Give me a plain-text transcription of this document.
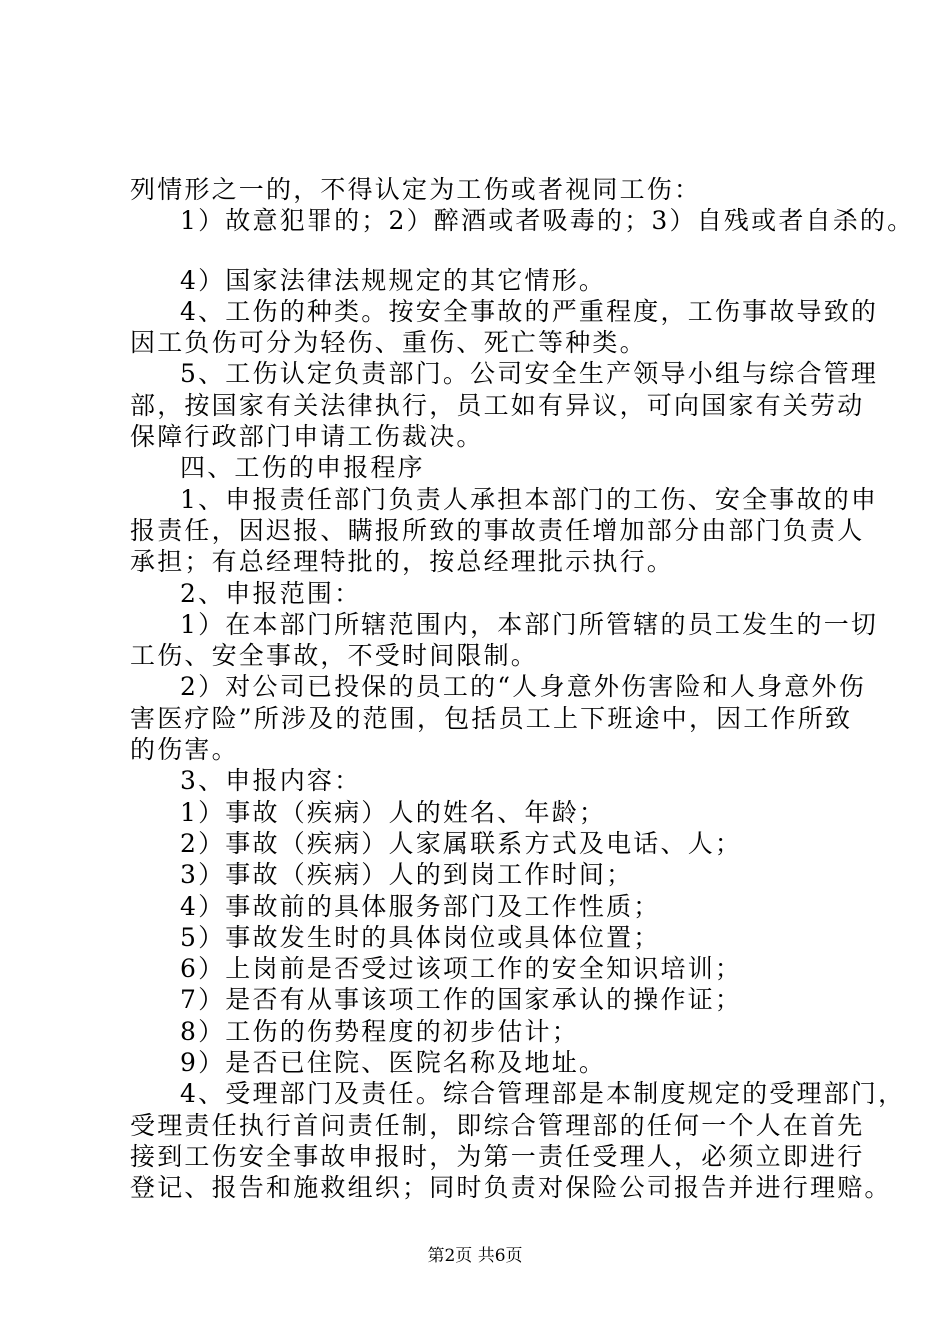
列情形之一的，不得认定为工伤或者视同工伤：
1）故意犯罪的；2）醉酒或者吸毒的；3）自残或者自杀的。
4）国家法律法规规定的其它情形。
4、工伤的种类。按安全事故的严重程度，工伤事故导致的
因工负伤可分为轻伤、重伤、死亡等种类。
5、工伤认定负责部门。公司安全生产领导小组与综合管理
部，按国家有关法律执行，员工如有异议，可向国家有关劳动
保障行政部门申请工伤裁决。
四、工伤的申报程序
1、申报责任部门负责人承担本部门的工伤、安全事故的申
报责任，因迟报、瞒报所致的事故责任增加部分由部门负责人
承担；有总经理特批的，按总经理批示执行。
2、申报范围：
1）在本部门所辖范围内，本部门所管辖的员工发生的一切
工伤、安全事故，不受时间限制。
2）对公司已投保的员工的“人身意外伤害险和人身意外伤
害医疗险”所涉及的范围，包括员工上下班途中，因工作所致
的伤害。
3、申报内容：
1）事故（疾病）人的姓名、年龄；
2）事故（疾病）人家属联系方式及电话、人；
3）事故（疾病）人的到岗工作时间；
4）事故前的具体服务部门及工作性质；
5）事故发生时的具体岗位或具体位置；
6）上岗前是否受过该项工作的安全知识培训；
7）是否有从事该项工作的国家承认的操作证；
8）工伤的伤势程度的初步估计；
9）是否已住院、医院名称及地址。
4、受理部门及责任。综合管理部是本制度规定的受理部门，
受理责任执行首问责任制，即综合管理部的任何一个人在首先
接到工伤安全事故申报时，为第一责任受理人，必须立即进行
登记、报告和施救组织；同时负责对保险公司报告并进行理赔。
第2页 共6页
